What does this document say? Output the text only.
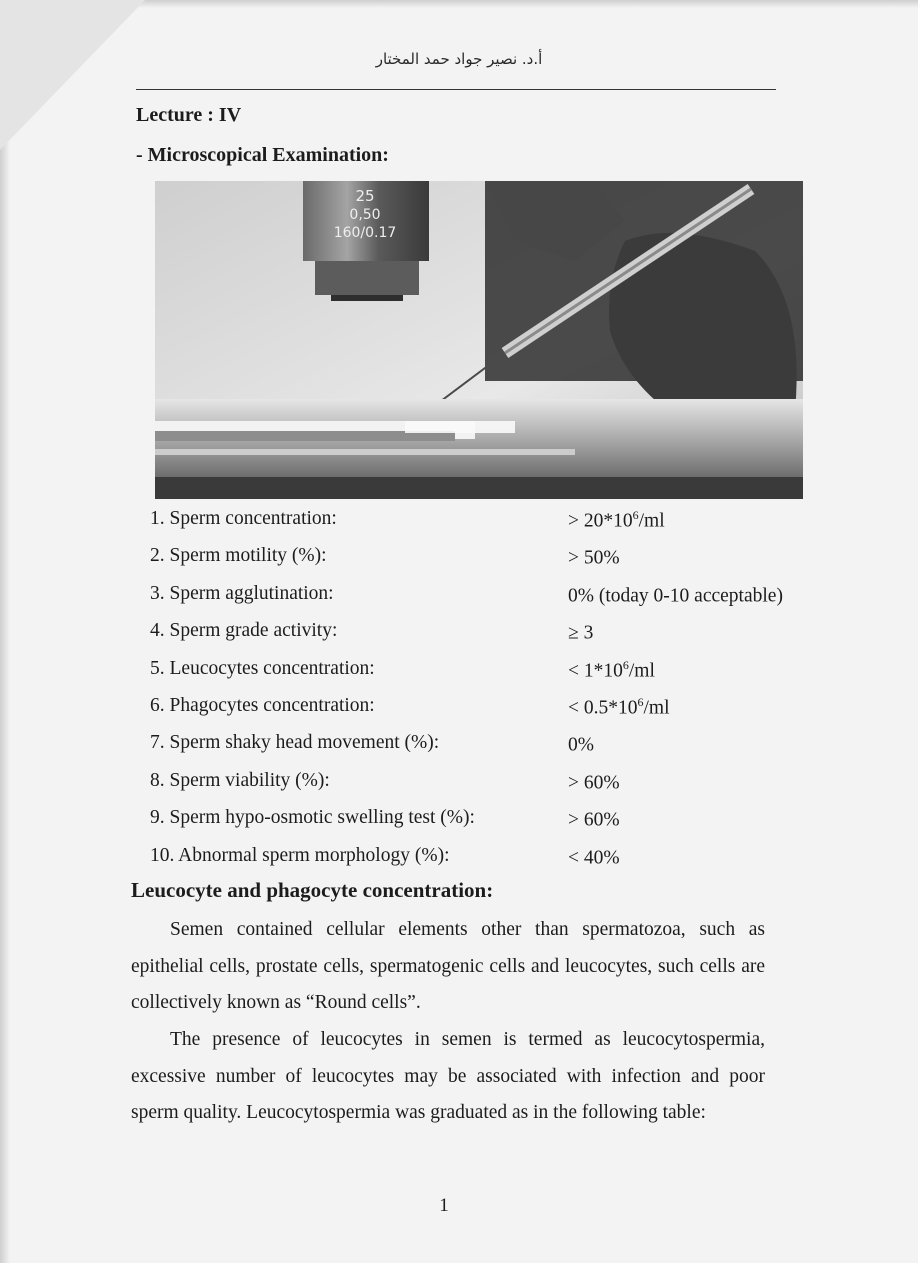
أ.د. نصير جواد حمد المختار
Lecture : IV
- Microscopical Examination:
25
0,50
160/0.17
1. Sperm concentration:	> $20*10^6/ml$
2. Sperm motility (%):	> 50%
3. Sperm agglutination:	0% (today 0-10 acceptable)
4. Sperm grade activity:	≥ 3
5. Leucocytes concentration:	< $1*10^6/ml$
6. Phagocytes concentration:	< $0.5*10^6/ml$
7. Sperm shaky head movement (%):	0%
8. Sperm viability (%):	> 60%
9. Sperm hypo-osmotic swelling test (%):	> 60%
10. Abnormal sperm morphology (%):	< 40%
Leucocyte and phagocyte concentration:
  Semen contained cellular elements other than spermatozoa, such as epithelial cells, prostate cells, spermatogenic cells and leucocytes, such cells are collectively known as “Round cells”.
  The presence of leucocytes in semen is termed as leucocytospermia, excessive number of leucocytes may be associated with infection and poor sperm quality. Leucocytospermia was graduated as in the following table:
1
